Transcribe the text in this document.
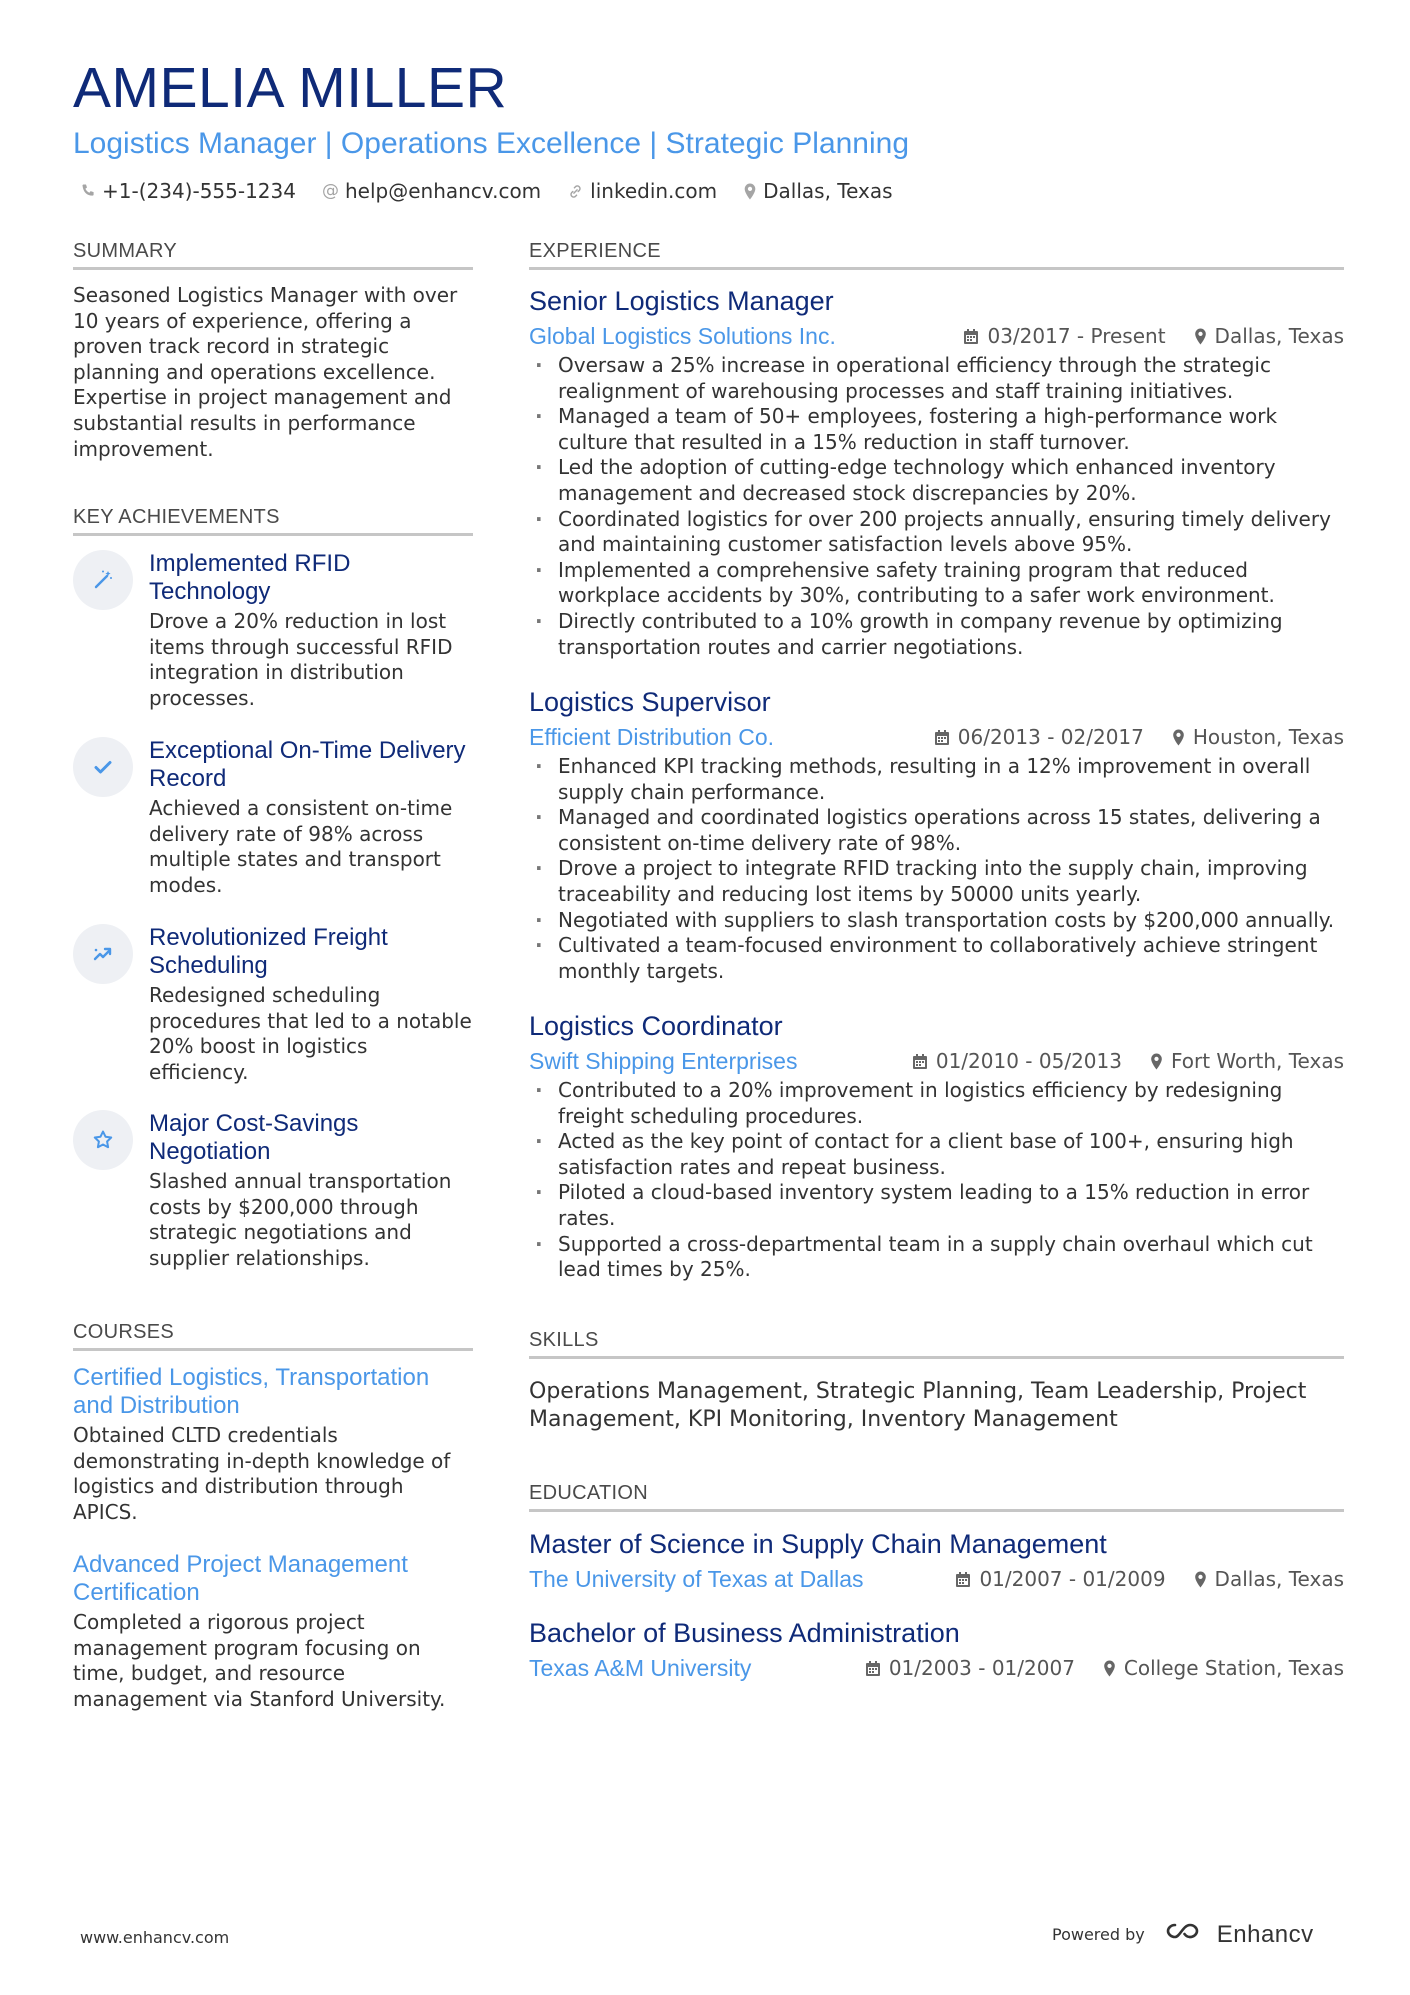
AMELIA MILLER
Logistics Manager | Operations Excellence | Strategic Planning
+1-(234)-555-1234 @ help@enhancv.com linkedin.com Dallas, Texas
SUMMARY
Seasoned Logistics Manager with over 10 years of experience, offering a proven track record in strategic planning and operations excellence. Expertise in project management and substantial results in performance improvement.
KEY ACHIEVEMENTS
Implemented RFID Technology
Drove a 20% reduction in lost items through successful RFID integration in distribution processes.
Exceptional On-Time Delivery Record
Achieved a consistent on-time delivery rate of 98% across multiple states and transport modes.
Revolutionized Freight Scheduling
Redesigned scheduling procedures that led to a notable 20% boost in logistics efficiency.
Major Cost-Savings Negotiation
Slashed annual transportation costs by $200,000 through strategic negotiations and supplier relationships.
COURSES
Certified Logistics, Transportation and Distribution
Obtained CLTD credentials demonstrating in-depth knowledge of logistics and distribution through APICS.
Advanced Project Management Certification
Completed a rigorous project management program focusing on time, budget, and resource management via Stanford University.
EXPERIENCE
Senior Logistics Manager
Global Logistics Solutions Inc.	03/2017 - Present Dallas, Texas
· Oversaw a 25% increase in operational efficiency through the strategic realignment of warehousing processes and staff training initiatives.
· Managed a team of 50+ employees, fostering a high-performance work culture that resulted in a 15% reduction in staff turnover.
· Led the adoption of cutting-edge technology which enhanced inventory management and decreased stock discrepancies by 20%.
· Coordinated logistics for over 200 projects annually, ensuring timely delivery and maintaining customer satisfaction levels above 95%.
· Implemented a comprehensive safety training program that reduced workplace accidents by 30%, contributing to a safer work environment.
· Directly contributed to a 10% growth in company revenue by optimizing transportation routes and carrier negotiations.
Logistics Supervisor
Efficient Distribution Co.	06/2013 - 02/2017 Houston, Texas
· Enhanced KPI tracking methods, resulting in a 12% improvement in overall supply chain performance.
· Managed and coordinated logistics operations across 15 states, delivering a consistent on-time delivery rate of 98%.
· Drove a project to integrate RFID tracking into the supply chain, improving traceability and reducing lost items by 50000 units yearly.
· Negotiated with suppliers to slash transportation costs by $200,000 annually.
· Cultivated a team-focused environment to collaboratively achieve stringent monthly targets.
Logistics Coordinator
Swift Shipping Enterprises	01/2010 - 05/2013 Fort Worth, Texas
· Contributed to a 20% improvement in logistics efficiency by redesigning freight scheduling procedures.
· Acted as the key point of contact for a client base of 100+, ensuring high satisfaction rates and repeat business.
· Piloted a cloud-based inventory system leading to a 15% reduction in error rates.
· Supported a cross-departmental team in a supply chain overhaul which cut lead times by 25%.
SKILLS
Operations Management, Strategic Planning, Team Leadership, Project Management, KPI Monitoring, Inventory Management
EDUCATION
Master of Science in Supply Chain Management
The University of Texas at Dallas	01/2007 - 01/2009 Dallas, Texas
Bachelor of Business Administration
Texas A&M University	01/2003 - 01/2007 College Station, Texas
www.enhancv.com	Powered by	Enhancv
